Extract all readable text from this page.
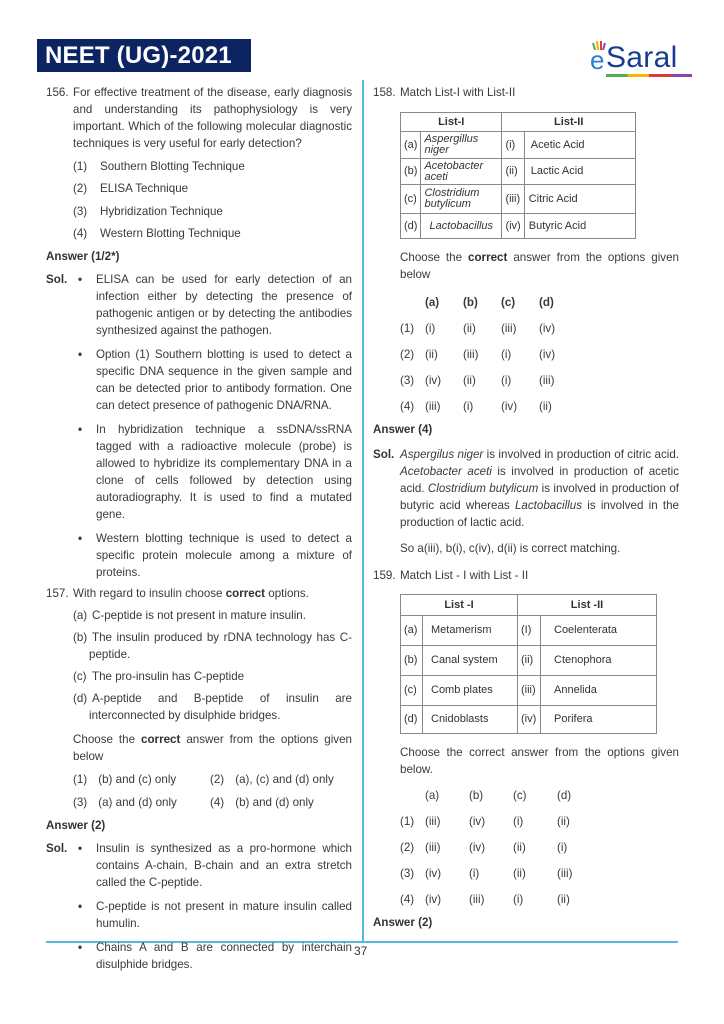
NEET (UG)-2021	e Saral
37
156. For effective treatment of the disease, early diagnosis and understanding its pathophysiology is very important. Which of the following molecular diagnostic techniques is very useful for early detection?
(1) Southern Blotting Technique
(2) ELISA Technique
(3) Hybridization Technique
(4) Western Blotting Technique
Answer (1/2*)
Sol. • ELISA can be used for early detection of an infection either by detecting the presence of pathogenic antigen or by detecting the antibodies synthesized against the pathogen.
• Option (1) Southern blotting is used to detect a specific DNA sequence in the given sample and can be detected prior to antibody formation. One can detect presence of pathogenic DNA/RNA.
• In hybridization technique a ssDNA/ssRNA tagged with a radioactive molecule (probe) is allowed to hybridize its complementary DNA in a clone of cells followed by detection using autoradiography. It is used to find a mutated gene.
• Western blotting technique is used to detect a specific protein molecule among a mixture of proteins.
157. With regard to insulin choose correct options.
(a) C-peptide is not present in mature insulin.
(b) The insulin produced by rDNA technology has C-peptide.
(c) The pro-insulin has C-peptide
(d) A-peptide and B-peptide of insulin are interconnected by disulphide bridges.
Choose the correct answer from the options given below
(1) (b) and (c) only	(2) (a), (c) and (d) only
(3) (a) and (d) only	(4) (b) and (d) only
Answer (2)
Sol. • Insulin is synthesized as a pro-hormone which contains A-chain, B-chain and an extra stretch called the C-peptide.
• C-peptide is not present in mature insulin called humulin.
• Chains A and B are connected by interchain disulphide bridges.
158. Match List-I with List-II
List-I		List-II	
(a)	Aspergillus niger	(i)	Acetic Acid
(b)	Acetobacter aceti	(ii)	Lactic Acid
(c)	Clostridium butylicum	(iii)	Citric Acid
(d)	Lactobacillus	(iv)	Butyric Acid
Choose the correct answer from the options given below
(a)	(b)	(c)	(d)
(1) (i)	(ii)	(iii)	(iv)
(2) (ii)	(iii)	(i)	(iv)
(3) (iv)	(ii)	(i)	(iii)
(4) (iii)	(i)	(iv)	(ii)
Answer (4)
Sol. Aspergilus niger is involved in production of citric acid. Acetobacter aceti is involved in production of acetic acid. Clostridium butylicum is involved in production of butyric acid whereas Lactobacillus is involved in the production of lactic acid.
So a(iii), b(i), c(iv), d(ii) is correct matching.
159. Match List - I with List - II
List -I		List -II	
(a)	Metamerism	(I)	Coelenterata
(b)	Canal system	(ii)	Ctenophora
(c)	Comb plates	(iii)	Annelida
(d)	Cnidoblasts	(iv)	Porifera
Choose the correct answer from the options given below.
(a)	(b)	(c)	(d)
(1) (iii)	(iv)	(i)	(ii)
(2) (iii)	(iv)	(ii)	(i)
(3) (iv)	(i)	(ii)	(iii)
(4) (iv)	(iii)	(i)	(ii)
Answer (2)
